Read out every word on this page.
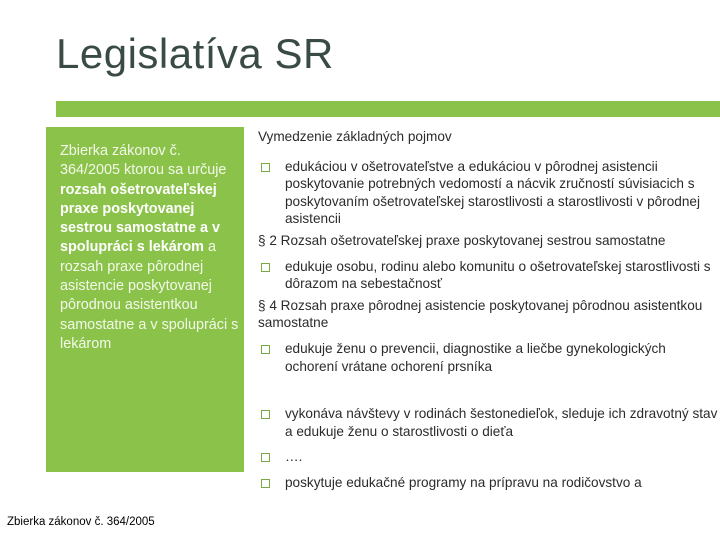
Legislatíva SR
Zbierka zákonov č. 364/2005 ktorou sa určuje rozsah ošetrovateľskej praxe poskytovanej sestrou samostatne a v spolupráci s lekárom a rozsah praxe pôrodnej asistencie poskytovanej pôrodnou asistentkou samostatne a v spolupráci s lekárom
Vymedzenie základných pojmov
edukáciou v ošetrovateľstve a edukáciou v pôrodnej asistencii poskytovanie potrebných vedomostí a nácvik zručností súvisiacich s poskytovaním ošetrovateľskej starostlivosti a starostlivosti v pôrodnej asistencii
§ 2 Rozsah ošetrovateľskej praxe poskytovanej sestrou samostatne
edukuje osobu, rodinu alebo komunitu o ošetrovateľskej starostlivosti s dôrazom na sebestačnosť
§ 4 Rozsah praxe pôrodnej asistencie poskytovanej pôrodnou asistentkou samostatne
edukuje ženu o prevencii, diagnostike a liečbe gynekologických ochorení vrátane ochorení prsníka
vykonáva návštevy v rodinách šestonedieľok, sleduje ich zdravotný stav a edukuje ženu o starostlivosti o dieťa
….
poskytuje edukačné programy na prípravu na rodičovstvo a
Zbierka zákonov č. 364/2005
